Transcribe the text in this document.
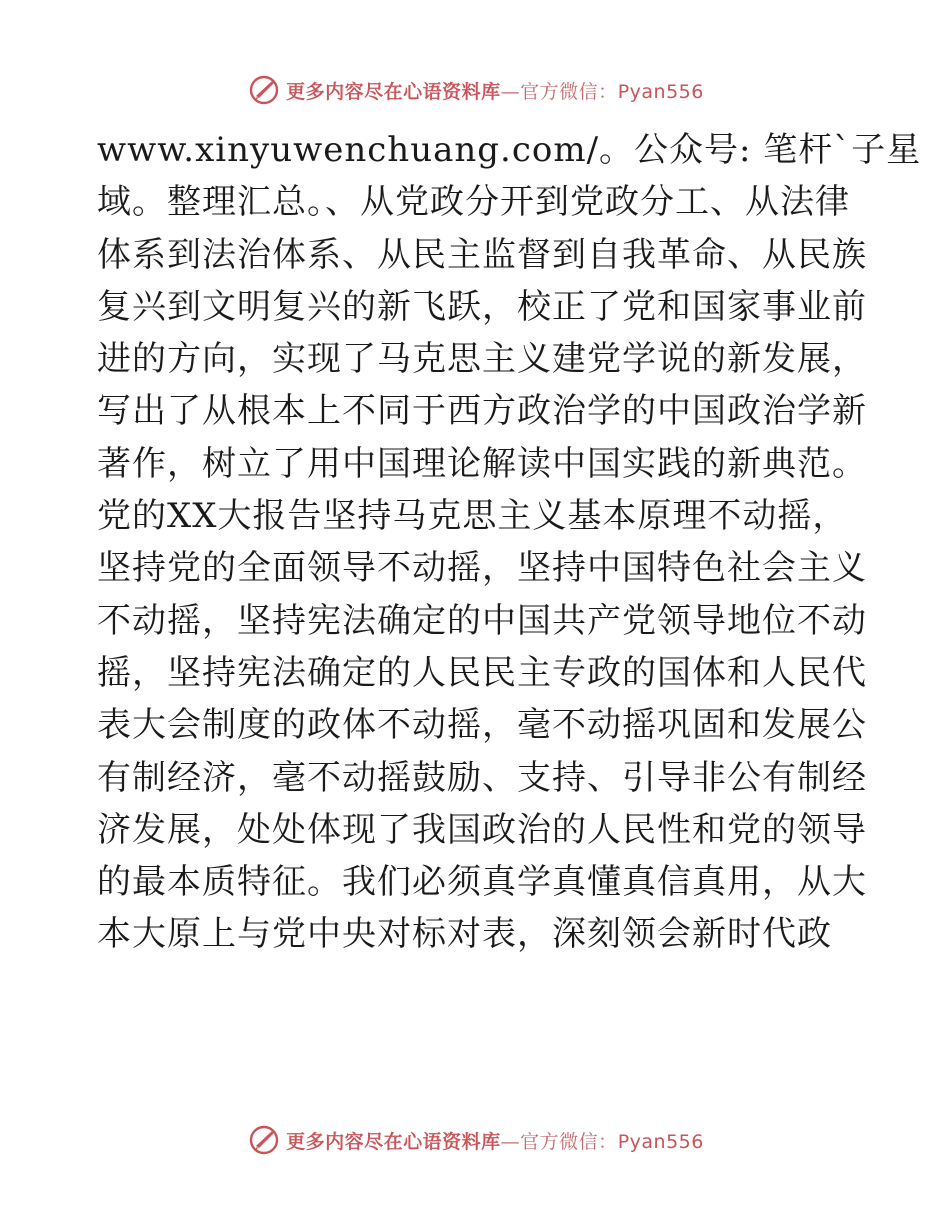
更多内容尽在心语资料库—官方微信：Pyan556
www.xinyuwenchuang.com/。公众号: 笔杆`子星
域。整理汇总。、从党政分开到党政分工、从法律
体系到法治体系、从民主监督到自我革命、从民族
复兴到文明复兴的新飞跃，校正了党和国家事业前
进的方向，实现了马克思主义建党学说的新发展，
写出了从根本上不同于西方政治学的中国政治学新
著作，树立了用中国理论解读中国实践的新典范。
党的XX大报告坚持马克思主义基本原理不动摇，
坚持党的全面领导不动摇，坚持中国特色社会主义
不动摇，坚持宪法确定的中国共产党领导地位不动
摇，坚持宪法确定的人民民主专政的国体和人民代
表大会制度的政体不动摇，毫不动摇巩固和发展公
有制经济，毫不动摇鼓励、支持、引导非公有制经
济发展，处处体现了我国政治的人民性和党的领导
的最本质特征。我们必须真学真懂真信真用，从大
本大原上与党中央对标对表，深刻领会新时代政
更多内容尽在心语资料库—官方微信：Pyan556
